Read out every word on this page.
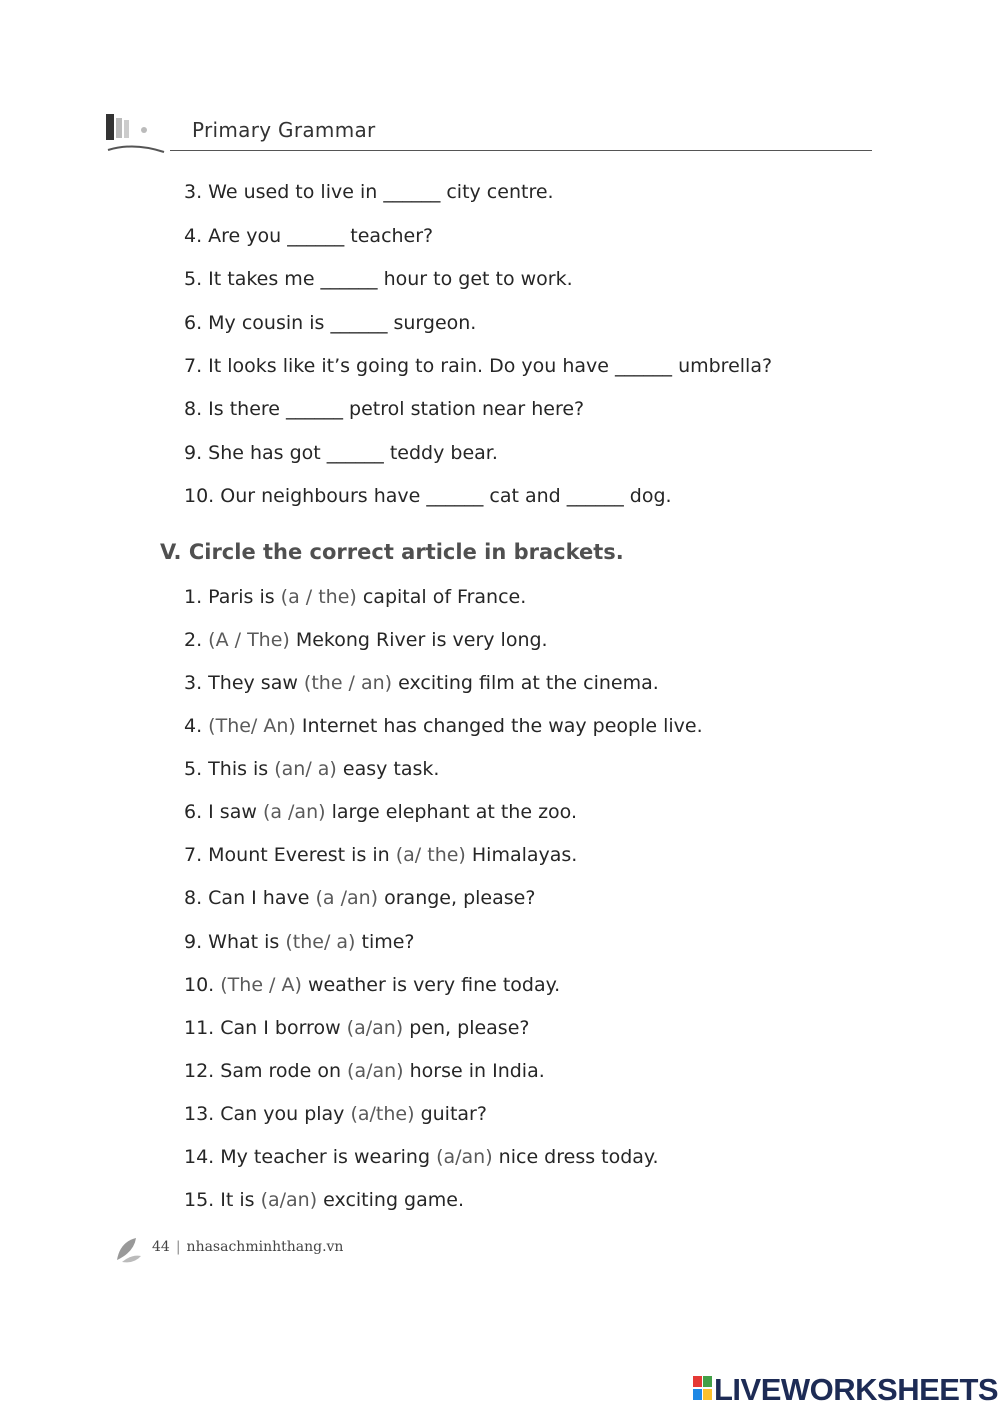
Primary Grammar
3. We used to live in ______ city centre.
4. Are you ______ teacher?
5. It takes me ______ hour to get to work.
6. My cousin is ______ surgeon.
7. It looks like it’s going to rain. Do you have ______ umbrella?
8. Is there ______ petrol station near here?
9. She has got ______ teddy bear.
10. Our neighbours have ______ cat and ______ dog.
V. Circle the correct article in brackets.
1. Paris is (a / the) capital of France.
2. (A / The) Mekong River is very long.
3. They saw (the / an) exciting film at the cinema.
4. (The/ An) Internet has changed the way people live.
5. This is (an/ a) easy task.
6. I saw (a /an) large elephant at the zoo.
7. Mount Everest is in (a/ the) Himalayas.
8. Can I have (a /an) orange, please?
9. What is (the/ a) time?
10. (The / A) weather is very fine today.
11. Can I borrow (a/an) pen, please?
12. Sam rode on (a/an) horse in India.
13. Can you play (a/the) guitar?
14. My teacher is wearing (a/an) nice dress today.
15. It is (a/an) exciting game.
44 | nhasachminhthang.vn
LIVEWORKSHEETS
